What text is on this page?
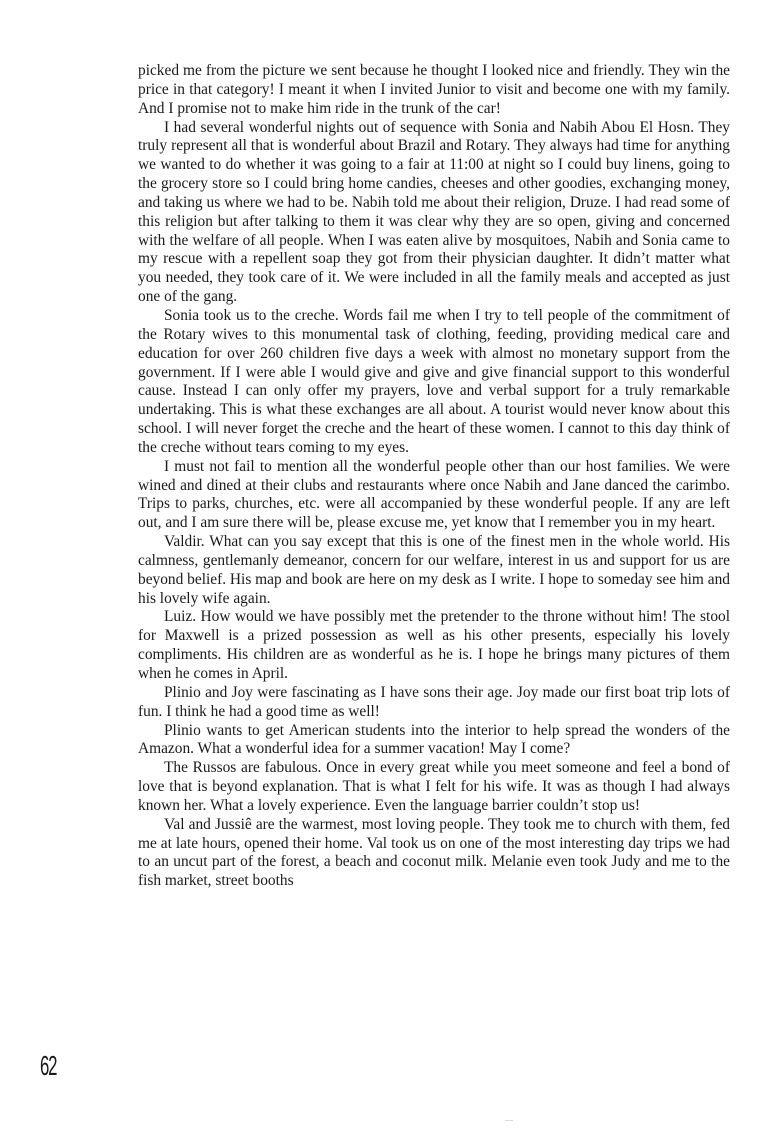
picked me from the picture we sent because he thought I looked nice and friendly. They win the price in that category! I meant it when I invited Junior to visit and become one with my family. And I promise not to make him ride in the trunk of the car!

I had several wonderful nights out of sequence with Sonia and Nabih Abou El Hosn. They truly represent all that is wonderful about Brazil and Rotary. They always had time for anything we wanted to do whether it was going to a fair at 11:00 at night so I could buy linens, going to the grocery store so I could bring home candies, cheeses and other goodies, exchanging money, and taking us where we had to be. Nabih told me about their religion, Druze. I had read some of this religion but after talking to them it was clear why they are so open, giving and concerned with the welfare of all people. When I was eaten alive by mosquitoes, Nabih and Sonia came to my rescue with a repellent soap they got from their physician daughter. It didn’t matter what you needed, they took care of it. We were included in all the family meals and accepted as just one of the gang.

Sonia took us to the creche. Words fail me when I try to tell people of the commitment of the Rotary wives to this monumental task of clothing, feeding, providing medical care and education for over 260 children five days a week with almost no monetary support from the government. If I were able I would give and give and give financial support to this wonderful cause. Instead I can only offer my prayers, love and verbal support for a truly remarkable undertaking. This is what these exchanges are all about. A tourist would never know about this school. I will never forget the creche and the heart of these women. I cannot to this day think of the creche without tears coming to my eyes.

I must not fail to mention all the wonderful people other than our host families. We were wined and dined at their clubs and restaurants where once Nabih and Jane danced the carimbo. Trips to parks, churches, etc. were all accompanied by these wonderful people. If any are left out, and I am sure there will be, please excuse me, yet know that I remember you in my heart.

Valdir. What can you say except that this is one of the finest men in the whole world. His calmness, gentlemanly demeanor, concern for our welfare, interest in us and support for us are beyond belief. His map and book are here on my desk as I write. I hope to someday see him and his lovely wife again.

Luiz. How would we have possibly met the pretender to the throne without him! The stool for Maxwell is a prized possession as well as his other presents, especially his lovely compliments. His children are as wonderful as he is. I hope he brings many pictures of them when he comes in April.

Plinio and Joy were fascinating as I have sons their age. Joy made our first boat trip lots of fun. I think he had a good time as well!

Plinio wants to get American students into the interior to help spread the wonders of the Amazon. What a wonderful idea for a summer vacation! May I come?

The Russos are fabulous. Once in every great while you meet someone and feel a bond of love that is beyond explanation. That is what I felt for his wife. It was as though I had always known her. What a lovely experience. Even the language barrier couldn’t stop us!

Val and Jussiê are the warmest, most loving people. They took me to church with them, fed me at late hours, opened their home. Val took us on one of the most interesting day trips we had to an uncut part of the forest, a beach and coconut milk. Melanie even took Judy and me to the fish market, street booths

62
